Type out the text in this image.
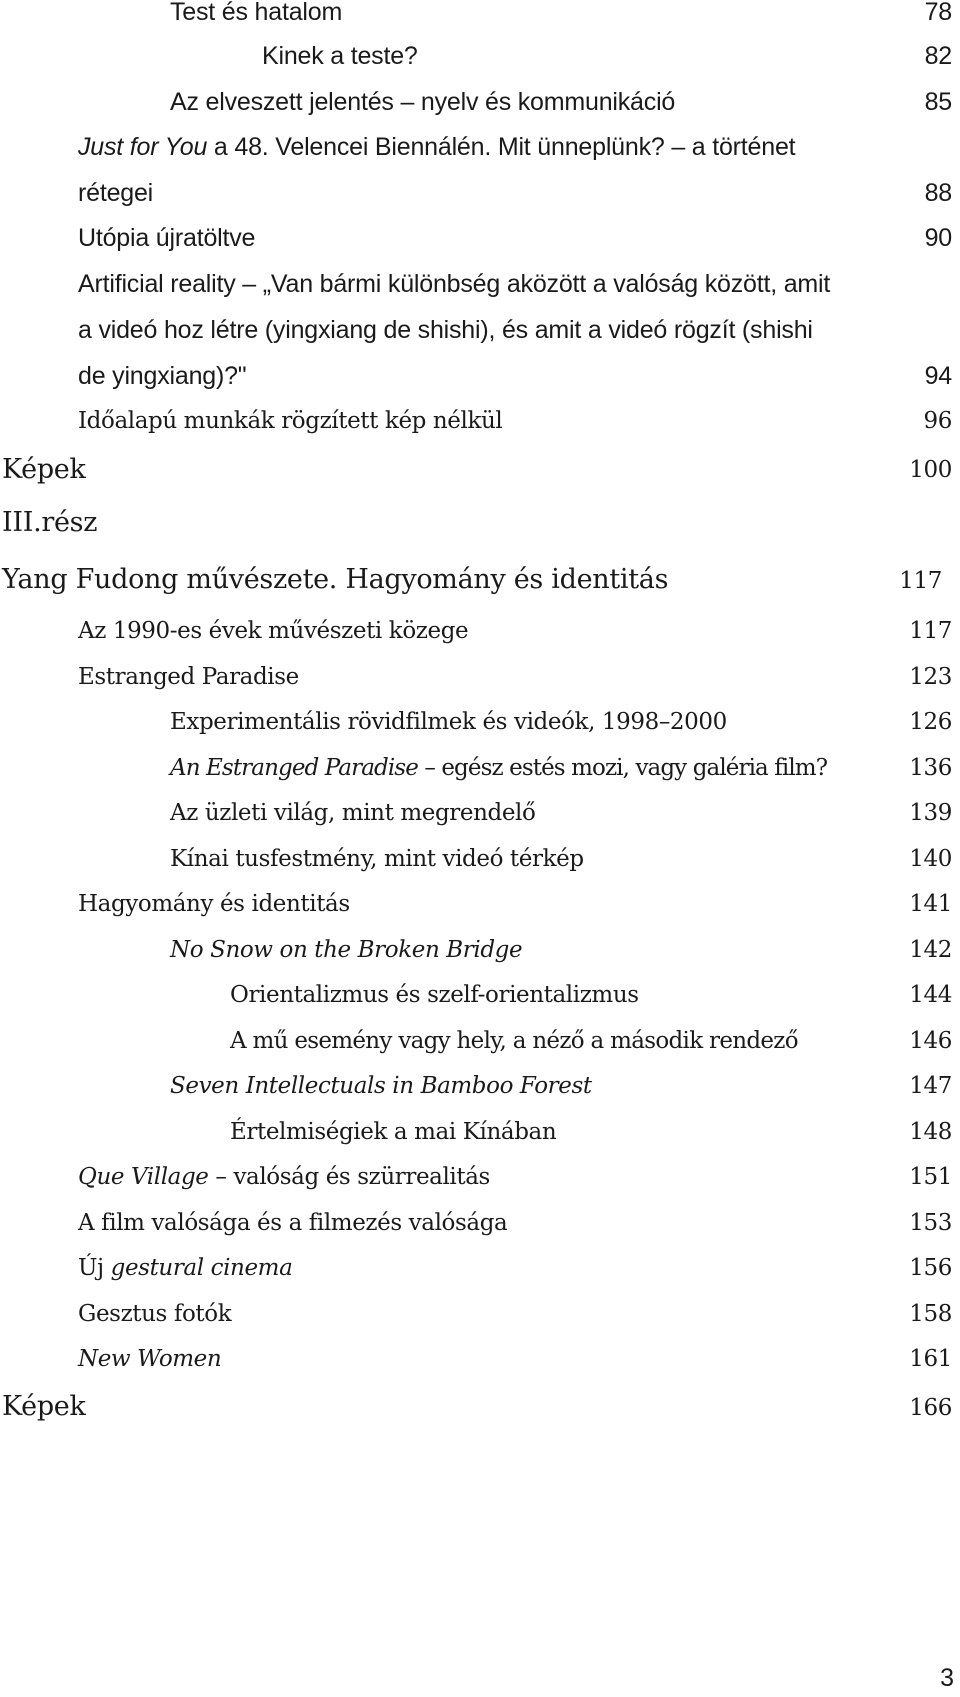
Test és hatalom	78
Kinek a teste?	82
Az elveszett jelentés – nyelv és kommunikáció	85
Just for You a 48. Velencei Biennálén. Mit ünneplünk? – a történet
rétegei	88
Utópia újratöltve	90
Artificial reality – „Van bármi különbség aközött a valóság között, amit
a videó hoz létre (yingxiang de shishi), és amit a videó rögzít (shishi
de yingxiang)?"	94
Időalapú munkák rögzített kép nélkül	96
Képek	100
III.rész
Yang Fudong művészete. Hagyomány és identitás	117
Az 1990-es évek művészeti közege	117
Estranged Paradise	123
Experimentális rövidfilmek és videók, 1998–2000	126
An Estranged Paradise – egész estés mozi, vagy galéria film?	136
Az üzleti világ, mint megrendelő	139
Kínai tusfestmény, mint videó térkép	140
Hagyomány és identitás	141
No Snow on the Broken Bridge	142
Orientalizmus és szelf-orientalizmus	144
A mű esemény vagy hely, a néző a második rendező	146
Seven Intellectuals in Bamboo Forest	147
Értelmiségiek a mai Kínában	148
Que Village – valóság és szürrealitás	151
A film valósága és a filmezés valósága	153
Új gestural cinema	156
Gesztus fotók	158
New Women	161
Képek	166
3
